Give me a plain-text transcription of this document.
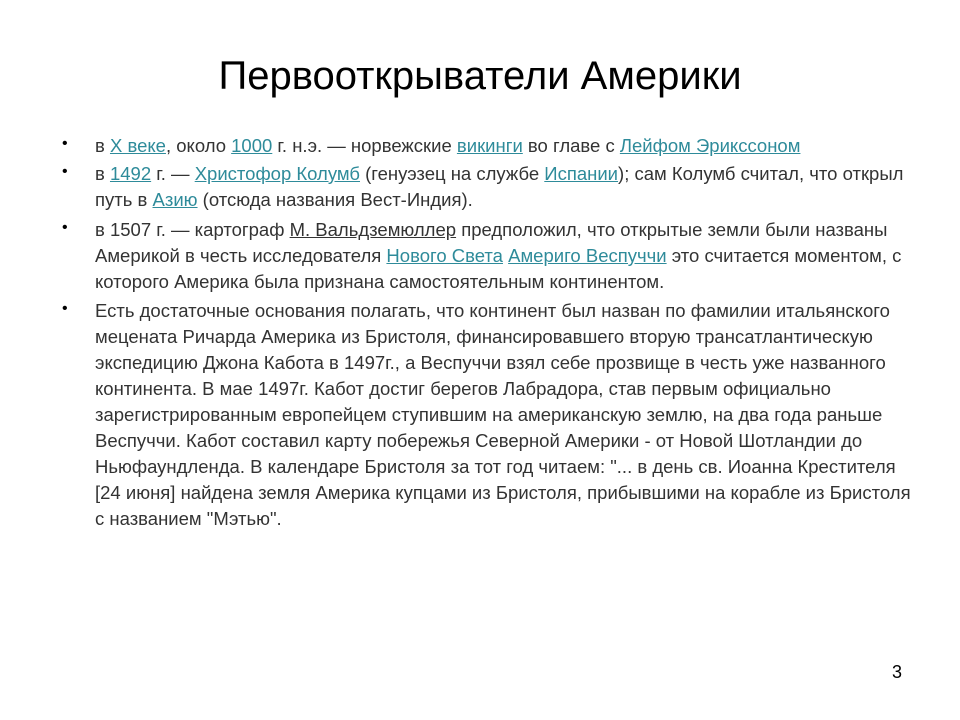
Первооткрыватели Америки
• в X веке, около 1000 г. н.э. — норвежские викинги во главе с Лейфом Эрикссоном
• в 1492 г. — Христофор Колумб (генуэзец на службе Испании); сам Колумб считал, что открыл путь в Азию (отсюда названия Вест-Индия).
• в 1507 г. — картограф М. Вальдземюллер предположил, что открытые земли были названы Америкой в честь исследователя Нового Света Америго Веспуччи это считается моментом, с которого Америка была признана самостоятельным континентом.
• Есть достаточные основания полагать, что континент был назван по фамилии итальянского мецената Ричарда Америка из Бристоля, финансировавшего вторую трансатлантическую экспедицию Джона Кабота в 1497г., а Веспуччи взял себе прозвище в честь уже названного континента. В мае 1497г. Кабот достиг берегов Лабрадора, став первым официально зарегистрированным европейцем ступившим на американскую землю, на два года раньше Веспуччи. Кабот составил карту побережья Северной Америки - от Новой Шотландии до Ньюфаундленда. В календаре Бристоля за тот год читаем: "... в день св. Иоанна Крестителя [24 июня] найдена земля Америка купцами из Бристоля, прибывшими на корабле из Бристоля с названием "Мэтью".
3
